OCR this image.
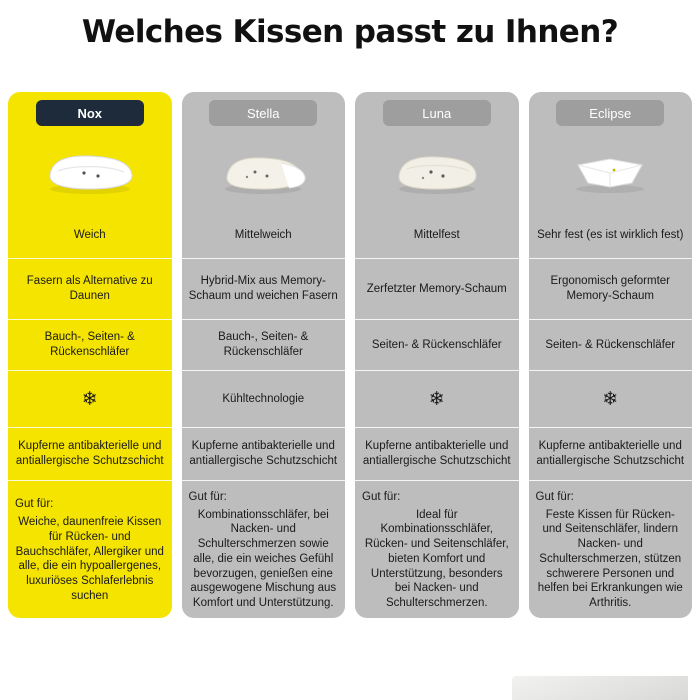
Welches Kissen passt zu Ihnen?
Nox
Weich
Fasern als Alternative zu Daunen
Bauch-, Seiten- & Rückenschläfer
❄
Kupferne antibakterielle und antiallergische Schutzschicht
Gut für:
Weiche, daunenfreie Kissen für Rücken- und Bauchschläfer, Allergiker und alle, die ein hypoallergenes, luxuriöses Schlaferlebnis suchen
Stella
Mittelweich
Hybrid-Mix aus Memory-Schaum und weichen Fasern
Bauch-, Seiten- & Rückenschläfer
Kühltechnologie
Kupferne antibakterielle und antiallergische Schutzschicht
Gut für:
Kombinationsschläfer, bei Nacken- und Schulterschmerzen sowie alle, die ein weiches Gefühl bevorzugen, genießen eine ausgewogene Mischung aus Komfort und Unterstützung.
Luna
Mittelfest
Zerfetzter Memory-Schaum
Seiten- & Rückenschläfer
❄
Kupferne antibakterielle und antiallergische Schutzschicht
Gut für:
Ideal für Kombinationsschläfer, Rücken- und Seitenschläfer, bieten Komfort und Unterstützung, besonders bei Nacken- und Schulterschmerzen.
Eclipse
Sehr fest (es ist wirklich fest)
Ergonomisch geformter Memory-Schaum
Seiten- & Rückenschläfer
❄
Kupferne antibakterielle und antiallergische Schutzschicht
Gut für:
Feste Kissen für Rücken- und Seitenschläfer, lindern Nacken- und Schulterschmerzen, stützen schwerere Personen und helfen bei Erkrankungen wie Arthritis.
